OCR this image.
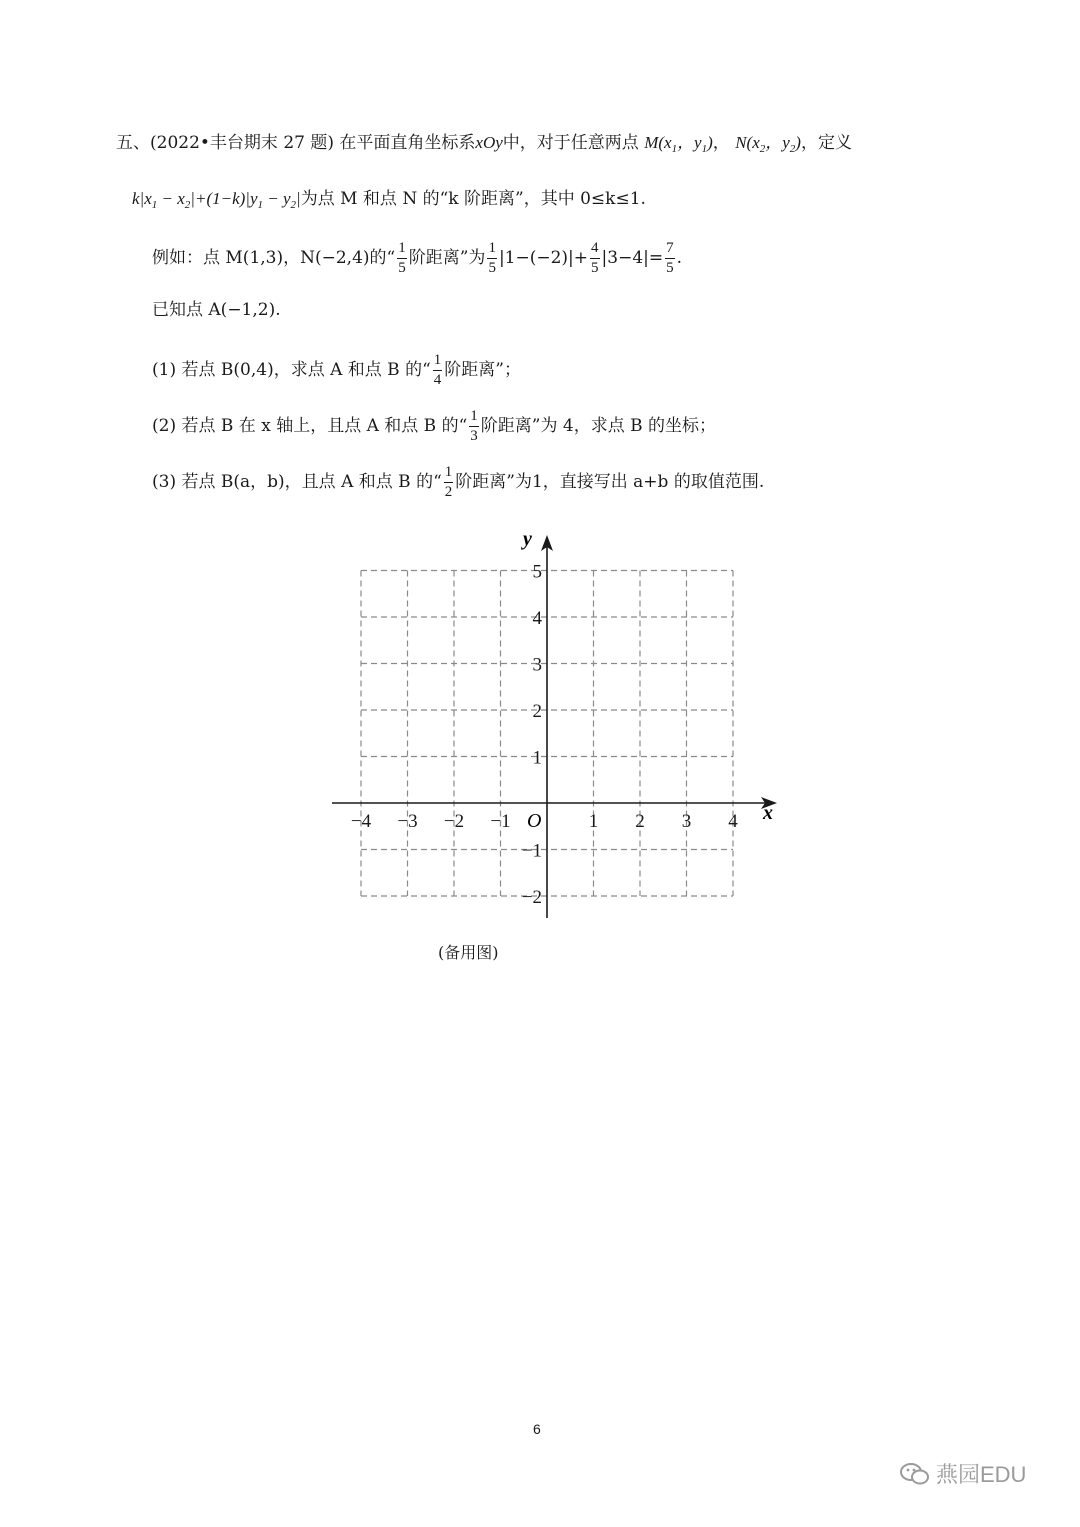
五、(2022•丰台期末 27 题) 在平面直角坐标系xOy中，对于任意两点 $M(x_1$，$y_1$)， $N(x_2$，$y_2$)，定义
$k|x_1 - x_2|+(1-k)|y_1 - y_2|$为点 M 和点 N 的“k 阶距离”，其中 0≤k≤1.
例如：点 M(1,3)，N(−2,4)的“ $\frac{1}{5}$ 阶距离”为 $\frac{1}{5} |1-(-2)|+ \frac{4}{5} |3-4|= \frac{7}{5}$ .
已知点 A(−1,2).
(1) 若点 B(0,4)，求点 A 和点 B 的“ $\frac{1}{4}$ 阶距离”；
(2) 若点 B 在 x 轴上，且点 A 和点 B 的“ $\frac{1}{3}$ 阶距离”为 4，求点 B 的坐标；
(3) 若点 B(a，b)，且点 A 和点 B 的“ $\frac{1}{2}$ 阶距离”为1，直接写出 a+b 的取值范围.
−4 −3 −2 −1	1 2 3 4
5
4
3
2
1
−1
−2
x
y
O
(备用图)
6
燕园EDU
